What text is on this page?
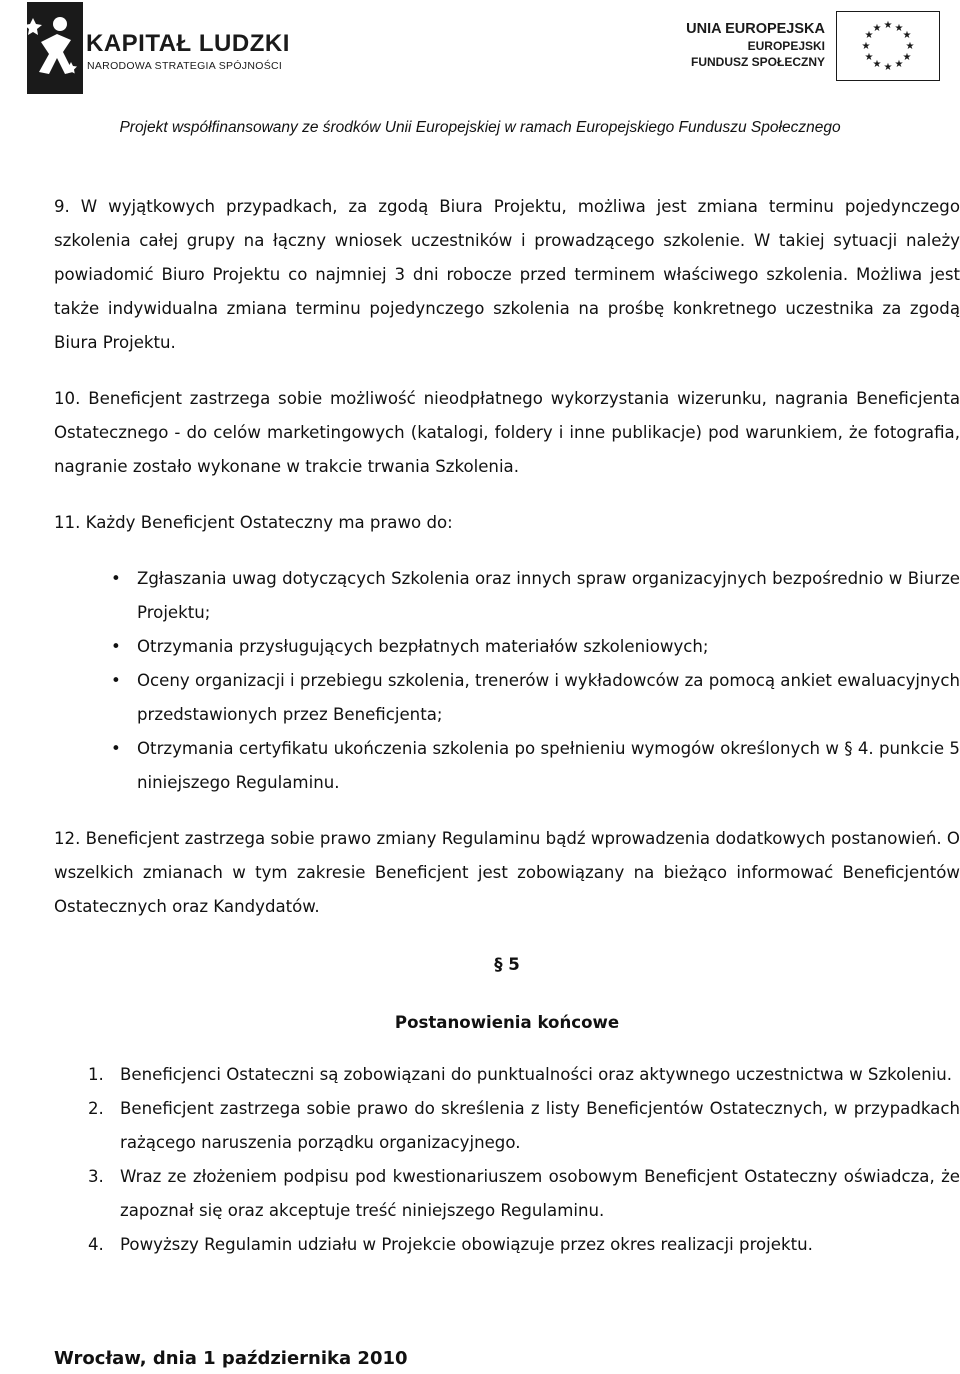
KAPITAŁ LUDZKI
NARODOWA STRATEGIA SPÓJNOŚCI
UNIA EUROPEJSKA
EUROPEJSKI
FUNDUSZ SPOŁECZNY
★ ★
★
★
★
★
★
★
★
★
★
★
Projekt współfinansowany ze środków Unii Europejskiej w ramach Europejskiego Funduszu Społecznego

9. W wyjątkowych przypadkach, za zgodą Biura Projektu, możliwa jest zmiana terminu pojedynczego szkolenia całej grupy na łączny wniosek uczestników i prowadzącego szkolenie. W takiej sytuacji należy powiadomić Biuro Projektu co najmniej 3 dni robocze przed terminem właściwego szkolenia. Możliwa jest także indywidualna zmiana terminu pojedynczego szkolenia na prośbę konkretnego uczestnika za zgodą Biura Projektu.

10. Beneficjent zastrzega sobie możliwość nieodpłatnego wykorzystania wizerunku, nagrania Beneficjenta Ostatecznego - do celów marketingowych (katalogi, foldery i inne publikacje) pod warunkiem, że fotografia, nagranie zostało wykonane w trakcie trwania Szkolenia.

11. Każdy Beneficjent Ostateczny ma prawo do:

• Zgłaszania uwag dotyczących Szkolenia oraz innych spraw organizacyjnych bezpośrednio w Biurze Projektu;
• Otrzymania przysługujących bezpłatnych materiałów szkoleniowych;
• Oceny organizacji i przebiegu szkolenia, trenerów i wykładowców za pomocą ankiet ewaluacyjnych przedstawionych przez Beneficjenta;
• Otrzymania certyfikatu ukończenia szkolenia po spełnieniu wymogów określonych w § 4. punkcie 5 niniejszego Regulaminu.

12. Beneficjent zastrzega sobie prawo zmiany Regulaminu bądź wprowadzenia dodatkowych postanowień. O wszelkich zmianach w tym zakresie Beneficjent jest zobowiązany na bieżąco informować Beneficjentów Ostatecznych oraz Kandydatów.

§ 5

Postanowienia końcowe

1. Beneficjenci Ostateczni są zobowiązani do punktualności oraz aktywnego uczestnictwa w Szkoleniu.
2. Beneficjent zastrzega sobie prawo do skreślenia z listy Beneficjentów Ostatecznych, w przypadkach rażącego naruszenia porządku organizacyjnego.
3. Wraz ze złożeniem podpisu pod kwestionariuszem osobowym Beneficjent Ostateczny oświadcza, że zapoznał się oraz akceptuje treść niniejszego Regulaminu.
4. Powyższy Regulamin udziału w Projekcie obowiązuje przez okres realizacji projektu.
Wrocław, dnia 1 października 2010
